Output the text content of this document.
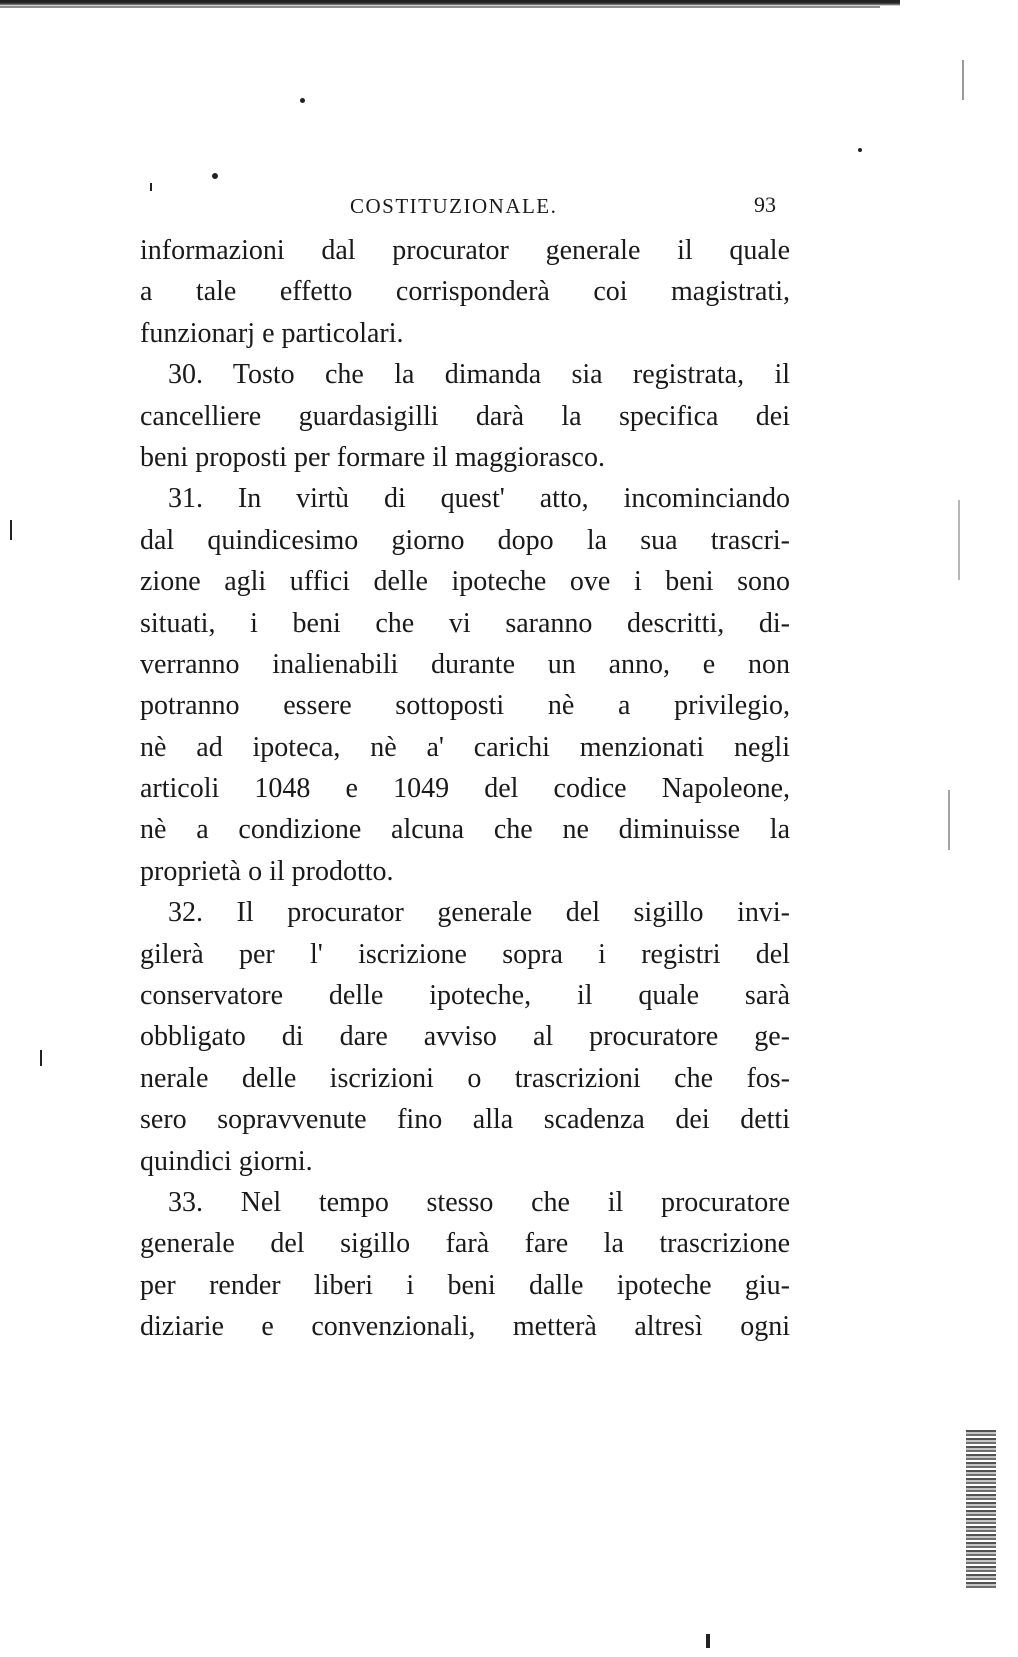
COSTITUZIONALE.	93
informazioni dal procurator generale il quale
a tale effetto corrisponderà coi magistrati,
funzionarj e particolari.
30. Tosto che la dimanda sia registrata, il
cancelliere guardasigilli darà la specifica dei
beni proposti per formare il maggiorasco.
31. In virtù di quest' atto, incominciando
dal quindicesimo giorno dopo la sua trascri-
zione agli uffici delle ipoteche ove i beni sono
situati, i beni che vi saranno descritti, di-
verranno inalienabili durante un anno, e non
potranno essere sottoposti nè a privilegio,
nè ad ipoteca, nè a' carichi menzionati negli
articoli 1048 e 1049 del codice Napoleone,
nè a condizione alcuna che ne diminuisse la
proprietà o il prodotto.
32. Il procurator generale del sigillo invi-
gilerà per l' iscrizione sopra i registri del
conservatore delle ipoteche, il quale sarà
obbligato di dare avviso al procuratore ge-
nerale delle iscrizioni o trascrizioni che fos-
sero sopravvenute fino alla scadenza dei detti
quindici giorni.
33. Nel tempo stesso che il procuratore
generale del sigillo farà fare la trascrizione
per render liberi i beni dalle ipoteche giu-
diziarie e convenzionali, metterà altresì ogni
